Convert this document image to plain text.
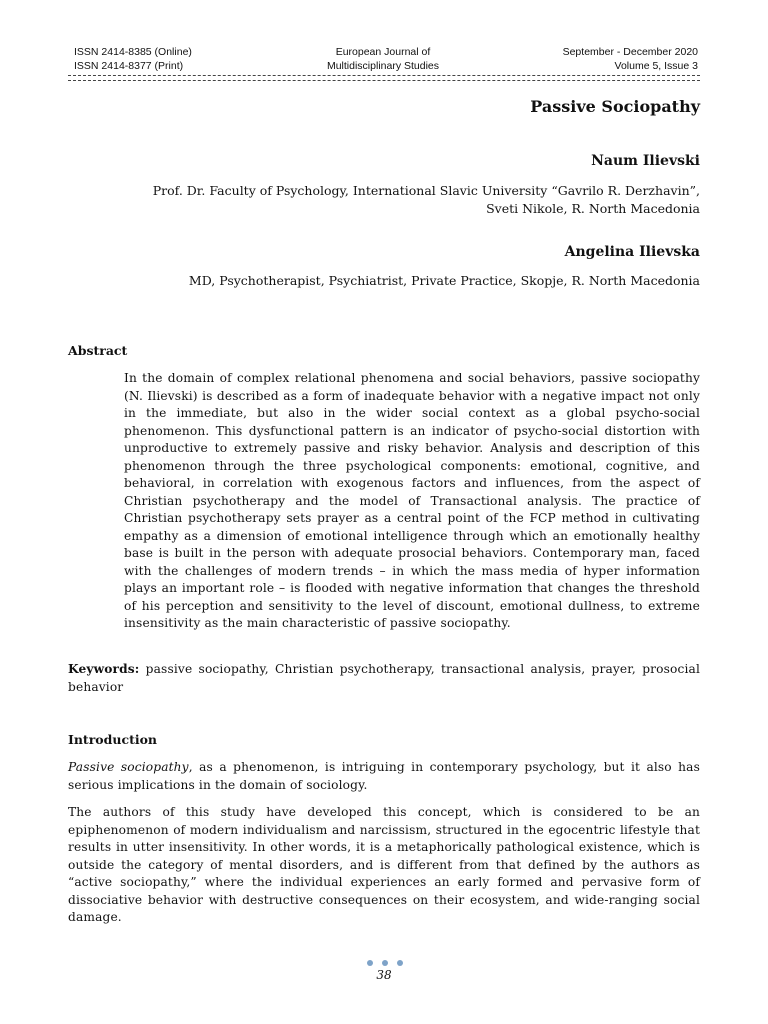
ISSN 2414-8385 (Online)
ISSN 2414-8377 (Print)
European Journal of
Multidisciplinary Studies
September - December 2020
Volume 5, Issue 3
Passive Sociopathy
Naum Ilievski
Prof. Dr. Faculty of Psychology, International Slavic University “Gavrilo R. Derzhavin”,
Sveti Nikole, R. North Macedonia
Angelina Ilievska
MD, Psychotherapist, Psychiatrist, Private Practice, Skopje, R. North Macedonia
Abstract
In the domain of complex relational phenomena and social behaviors, passive sociopathy (N. Ilievski) is described as a form of inadequate behavior with a negative impact not only in the immediate, but also in the wider social context as a global psycho-social phenomenon. This dysfunctional pattern is an indicator of psycho-social distortion with unproductive to extremely passive and risky behavior. Analysis and description of this phenomenon through the three psychological components: emotional, cognitive, and behavioral, in correlation with exogenous factors and influences, from the aspect of Christian psychotherapy and the model of Transactional analysis. The practice of Christian psychotherapy sets prayer as a central point of the FCP method in cultivating empathy as a dimension of emotional intelligence through which an emotionally healthy base is built in the person with adequate prosocial behaviors. Contemporary man, faced with the challenges of modern trends – in which the mass media of hyper information plays an important role – is flooded with negative information that changes the threshold of his perception and sensitivity to the level of discount, emotional dullness, to extreme insensitivity as the main characteristic of passive sociopathy.
Keywords: passive sociopathy, Christian psychotherapy, transactional analysis, prayer, prosocial behavior
Introduction
Passive sociopathy, as a phenomenon, is intriguing in contemporary psychology, but it also has serious implications in the domain of sociology.
The authors of this study have developed this concept, which is considered to be an epiphenomenon of modern individualism and narcissism, structured in the egocentric lifestyle that results in utter insensitivity. In other words, it is a metaphorically pathological existence, which is outside the category of mental disorders, and is different from that defined by the authors as “active sociopathy,” where the individual experiences an early formed and pervasive form of dissociative behavior with destructive consequences on their ecosystem, and wide-ranging social damage.
38
